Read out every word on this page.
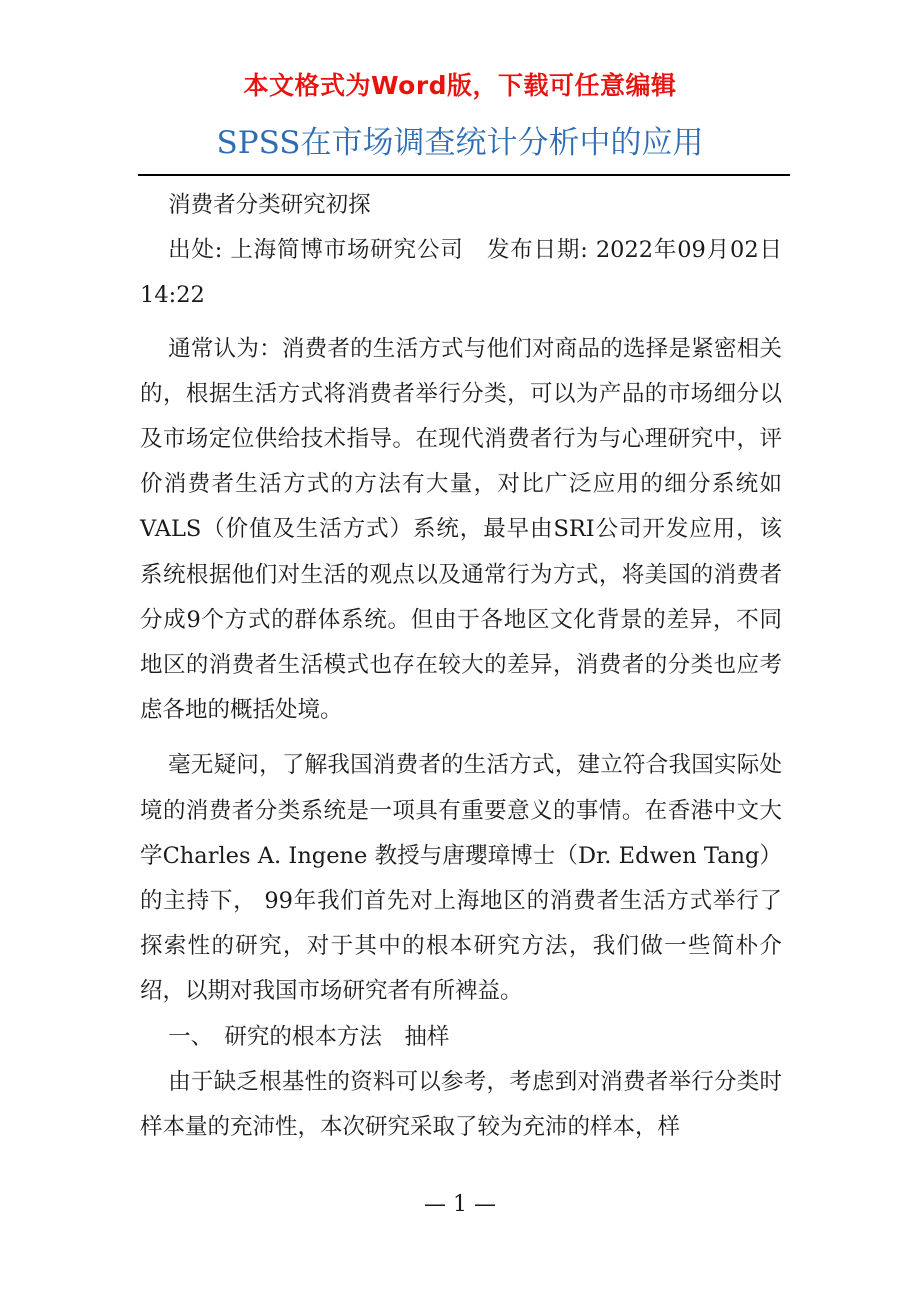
本文格式为Word版，下载可任意编辑
SPSS在市场调查统计分析中的应用

消费者分类研究初探

出处: 上海简博市场研究公司　发布日期: 2022年09月02日 14:22

通常认为：消费者的生活方式与他们对商品的选择是紧密相关的，根据生活方式将消费者举行分类，可以为产品的市场细分以及市场定位供给技术指导。在现代消费者行为与心理研究中，评价消费者生活方式的方法有大量，对比广泛应用的细分系统如VALS（价值及生活方式）系统，最早由SRI公司开发应用，该系统根据他们对生活的观点以及通常行为方式，将美国的消费者分成9个方式的群体系统。但由于各地区文化背景的差异，不同地区的消费者生活模式也存在较大的差异，消费者的分类也应考虑各地的概括处境。

毫无疑问，了解我国消费者的生活方式，建立符合我国实际处境的消费者分类系统是一项具有重要意义的事情。在香港中文大学Charles A. Ingene 教授与唐瓔璋博士（Dr. Edwen Tang）的主持下， 99年我们首先对上海地区的消费者生活方式举行了探索性的研究，对于其中的根本研究方法，我们做一些简朴介绍，以期对我国市场研究者有所裨益。

一、　研究的根本方法　抽样

由于缺乏根基性的资料可以参考，考虑到对消费者举行分类时样本量的充沛性，本次研究采取了较为充沛的样本，样

— 1 —
